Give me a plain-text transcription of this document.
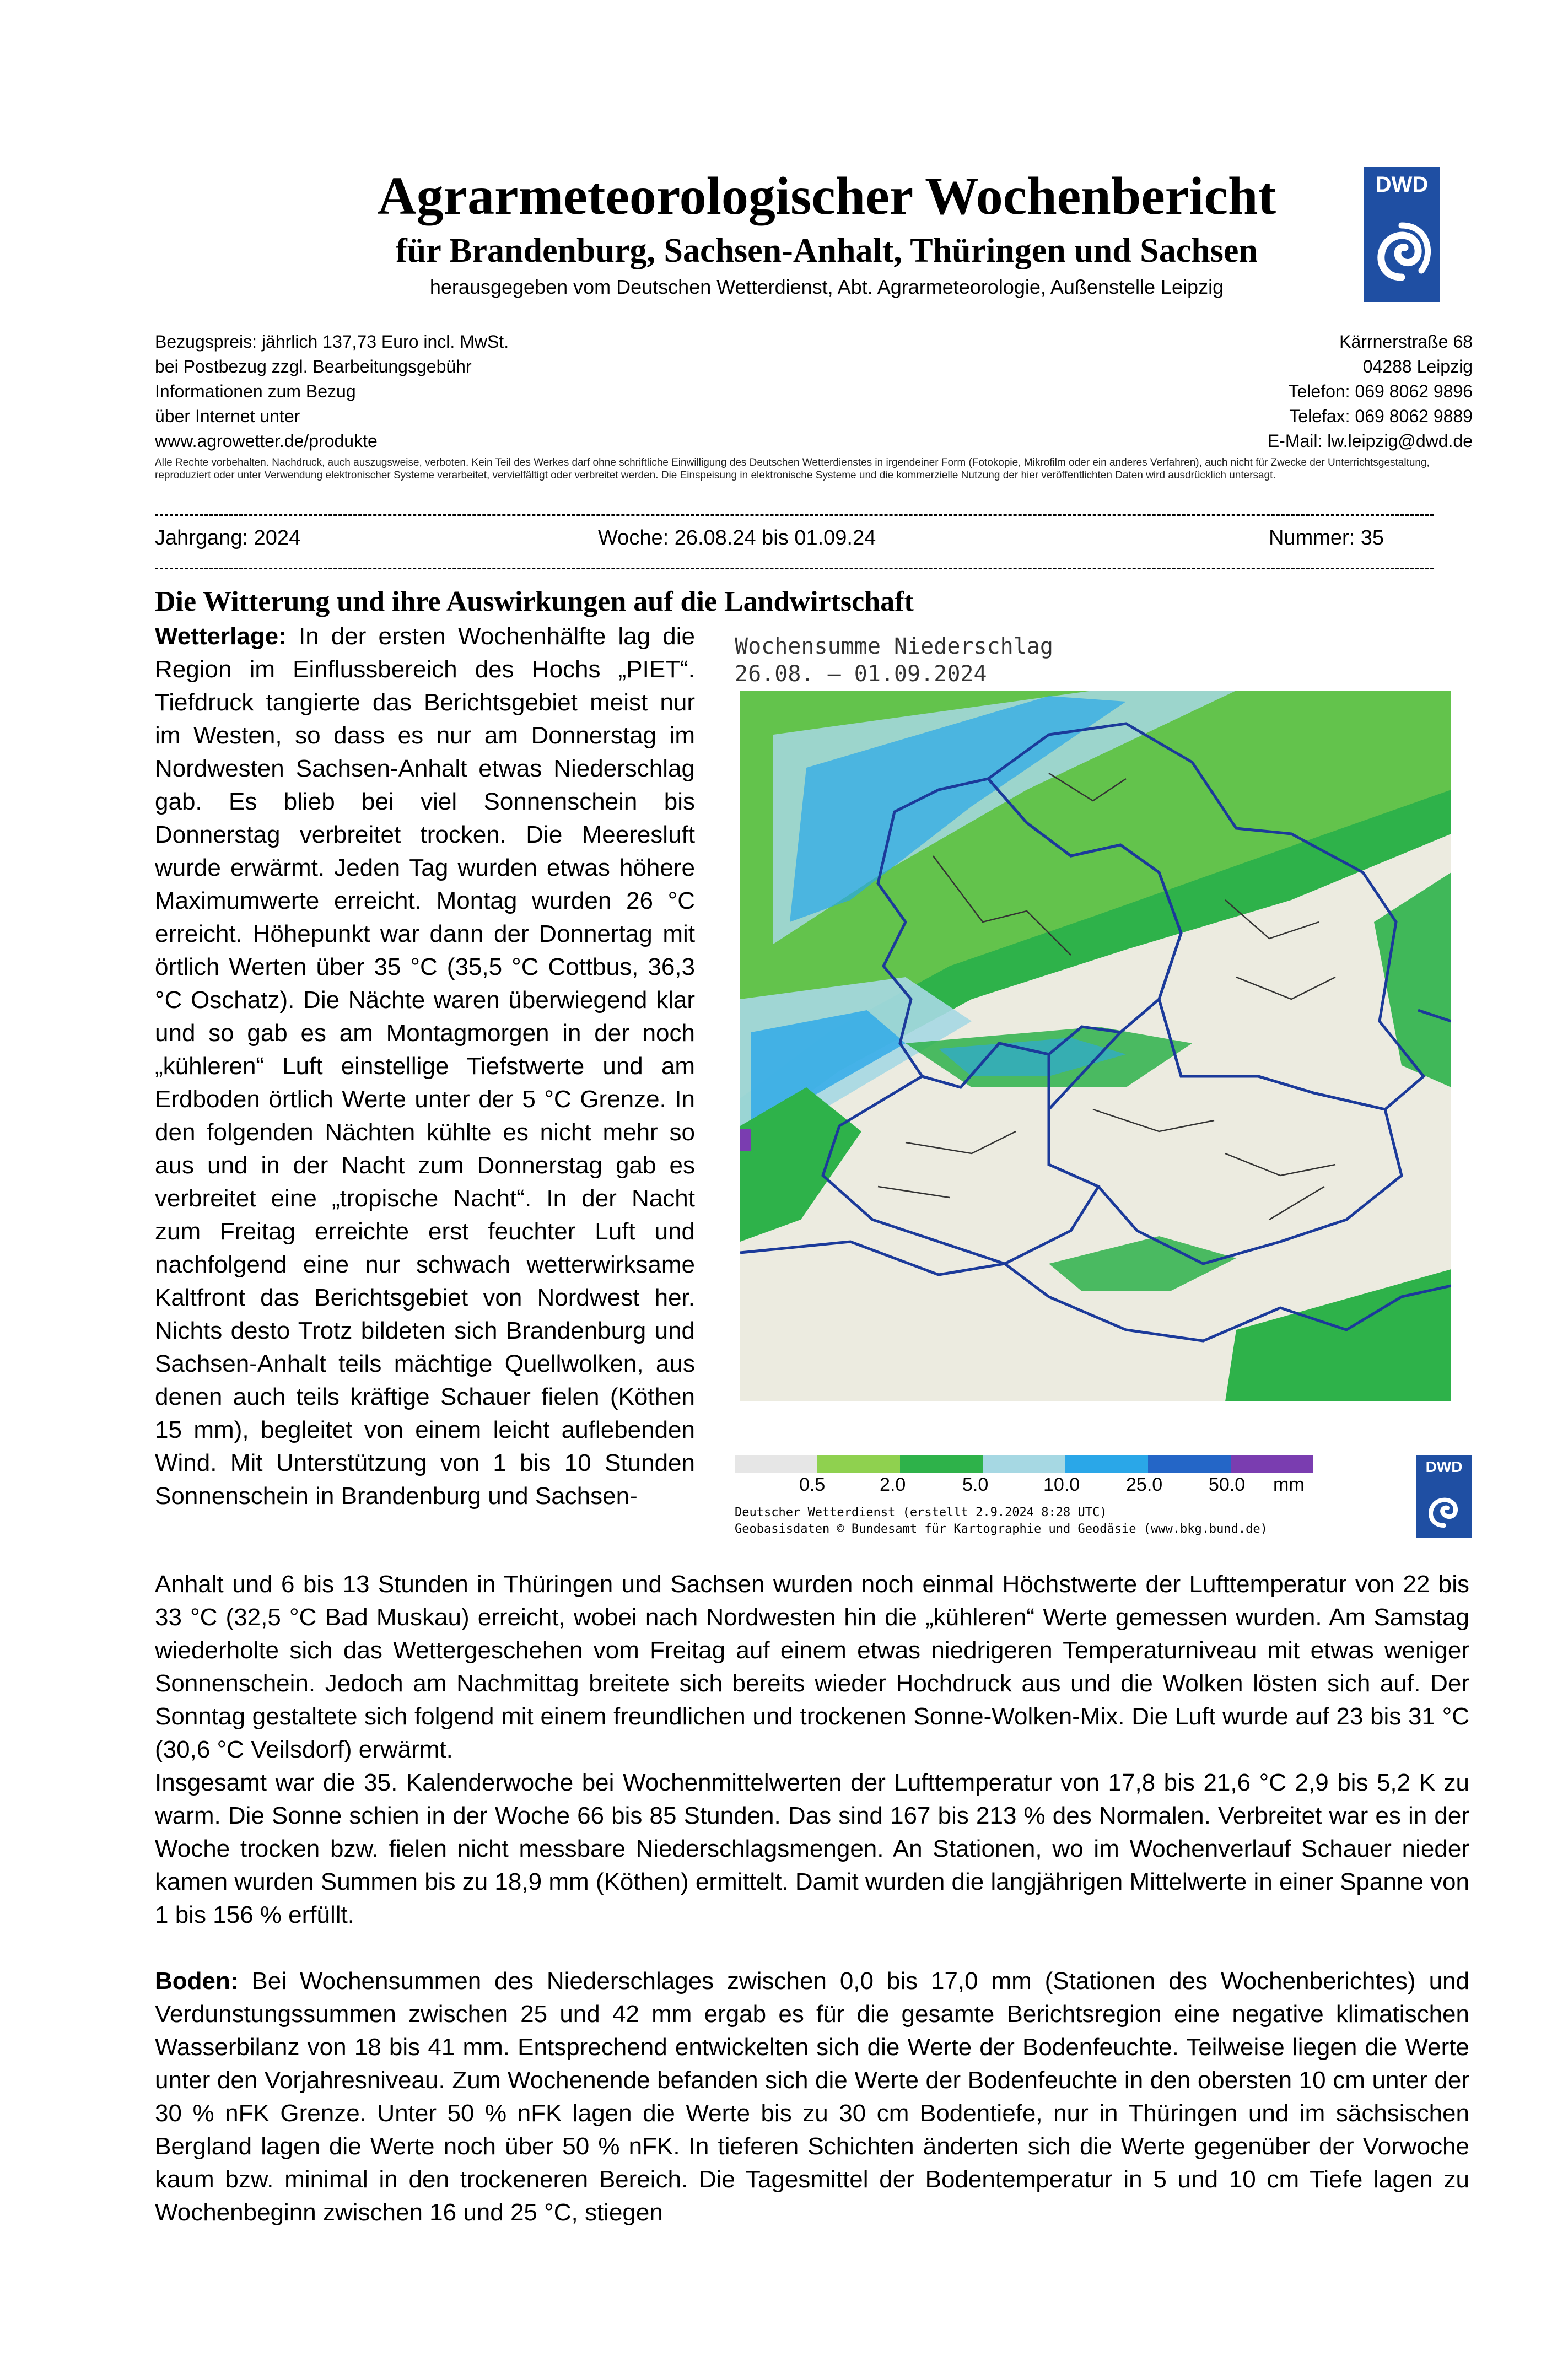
Agrarmeteorologischer Wochenbericht
für Brandenburg, Sachsen-Anhalt, Thüringen und Sachsen
herausgegeben vom Deutschen Wetterdienst, Abt. Agrarmeteorologie, Außenstelle Leipzig
DWD
Bezugspreis: jährlich 137,73 Euro incl. MwSt.
bei Postbezug zzgl. Bearbeitungsgebühr
Informationen zum Bezug
über Internet unter
www.agrowetter.de/produkte
Kärrnerstraße 68
04288 Leipzig
Telefon: 069 8062 9896
Telefax: 069 8062 9889
E-Mail: lw.leipzig@dwd.de
Alle Rechte vorbehalten. Nachdruck, auch auszugsweise, verboten. Kein Teil des Werkes darf ohne schriftliche Einwilligung des Deutschen Wetterdienstes in irgendeiner Form (Fotokopie, Mikrofilm oder ein anderes Verfahren), auch nicht für Zwecke der Unterrichtsgestaltung, reproduziert oder unter Verwendung elektronischer Systeme verarbeitet, vervielfältigt oder verbreitet werden. Die Einspeisung in elektronische Systeme und die kommerzielle Nutzung der hier veröffentlichten Daten wird ausdrücklich untersagt.
Jahrgang: 2024	Woche: 26.08.24 bis 01.09.24	Nummer: 35
Die Witterung und ihre Auswirkungen auf die Landwirtschaft
Wetterlage: In der ersten Wochenhälfte lag die Region im Einflussbereich des Hochs „PIET“. Tiefdruck tangierte das Berichtsgebiet meist nur im Westen, so dass es nur am Donnerstag im Nordwesten Sachsen-Anhalt etwas Niederschlag gab. Es blieb bei viel Sonnenschein bis Donnerstag verbreitet trocken. Die Meeresluft wurde erwärmt. Jeden Tag wurden etwas höhere Maximumwerte erreicht. Montag wurden 26 °C erreicht. Höhepunkt war dann der Donnertag mit örtlich Werten über 35 °C (35,5 °C Cottbus, 36,3 °C Oschatz). Die Nächte waren überwiegend klar und so gab es am Montagmorgen in der noch „kühleren“ Luft einstellige Tiefstwerte und am Erdboden örtlich Werte unter der 5 °C Grenze. In den folgenden Nächten kühlte es nicht mehr so aus und in der Nacht zum Donnerstag gab es verbreitet eine „tropische Nacht“. In der Nacht zum Freitag erreichte erst feuchter Luft und nachfolgend eine nur schwach wetterwirksame Kaltfront das Berichtsgebiet von Nordwest her. Nichts desto Trotz bildeten sich Brandenburg und Sachsen-Anhalt teils mächtige Quellwolken, aus denen auch teils kräftige Schauer fielen (Köthen 15 mm), begleitet von einem leicht auflebenden Wind. Mit Unterstützung von 1 bis 10 Stunden Sonnenschein in Brandenburg und Sachsen-
Wochensumme Niederschlag
26.08. – 01.09.2024
0.5	2.0	5.0	10.0 25.0 50.0 mm
Deutscher Wetterdienst (erstellt 2.9.2024 8:28 UTC)
Geobasisdaten © Bundesamt für Kartographie und Geodäsie (www.bkg.bund.de)
DWD
Anhalt und 6 bis 13 Stunden in Thüringen und Sachsen wurden noch einmal Höchstwerte der Lufttemperatur von 22 bis 33 °C (32,5 °C Bad Muskau) erreicht, wobei nach Nordwesten hin die „kühleren“ Werte gemessen wurden. Am Samstag wiederholte sich das Wettergeschehen vom Freitag auf einem etwas niedrigeren Temperaturniveau mit etwas weniger Sonnenschein. Jedoch am Nachmittag breitete sich bereits wieder Hochdruck aus und die Wolken lösten sich auf. Der Sonntag gestaltete sich folgend mit einem freundlichen und trockenen Sonne-Wolken-Mix. Die Luft wurde auf 23 bis 31 °C (30,6 °C Veilsdorf) erwärmt.
Insgesamt war die 35. Kalenderwoche bei Wochenmittelwerten der Lufttemperatur von 17,8 bis 21,6 °C 2,9 bis 5,2 K zu warm. Die Sonne schien in der Woche 66 bis 85 Stunden. Das sind 167 bis 213 % des Normalen. Verbreitet war es in der Woche trocken bzw. fielen nicht messbare Niederschlagsmengen. An Stationen, wo im Wochenverlauf Schauer nieder kamen wurden Summen bis zu 18,9 mm (Köthen) ermittelt. Damit wurden die langjährigen Mittelwerte in einer Spanne von 1 bis 156 % erfüllt.
Boden: Bei Wochensummen des Niederschlages zwischen 0,0 bis 17,0 mm (Stationen des Wochenberichtes) und Verdunstungssummen zwischen 25 und 42 mm ergab es für die gesamte Berichtsregion eine negative klimatischen Wasserbilanz von 18 bis 41 mm. Entsprechend entwickelten sich die Werte der Bodenfeuchte. Teilweise liegen die Werte unter den Vorjahresniveau. Zum Wochenende befanden sich die Werte der Bodenfeuchte in den obersten 10 cm unter der 30 % nFK Grenze. Unter 50 % nFK lagen die Werte bis zu 30 cm Bodentiefe, nur in Thüringen und im sächsischen Bergland lagen die Werte noch über 50 % nFK. In tieferen Schichten änderten sich die Werte gegenüber der Vorwoche kaum bzw. minimal in den trockeneren Bereich. Die Tagesmittel der Bodentemperatur in 5 und 10 cm Tiefe lagen zu Wochenbeginn zwischen 16 und 25 °C, stiegen
